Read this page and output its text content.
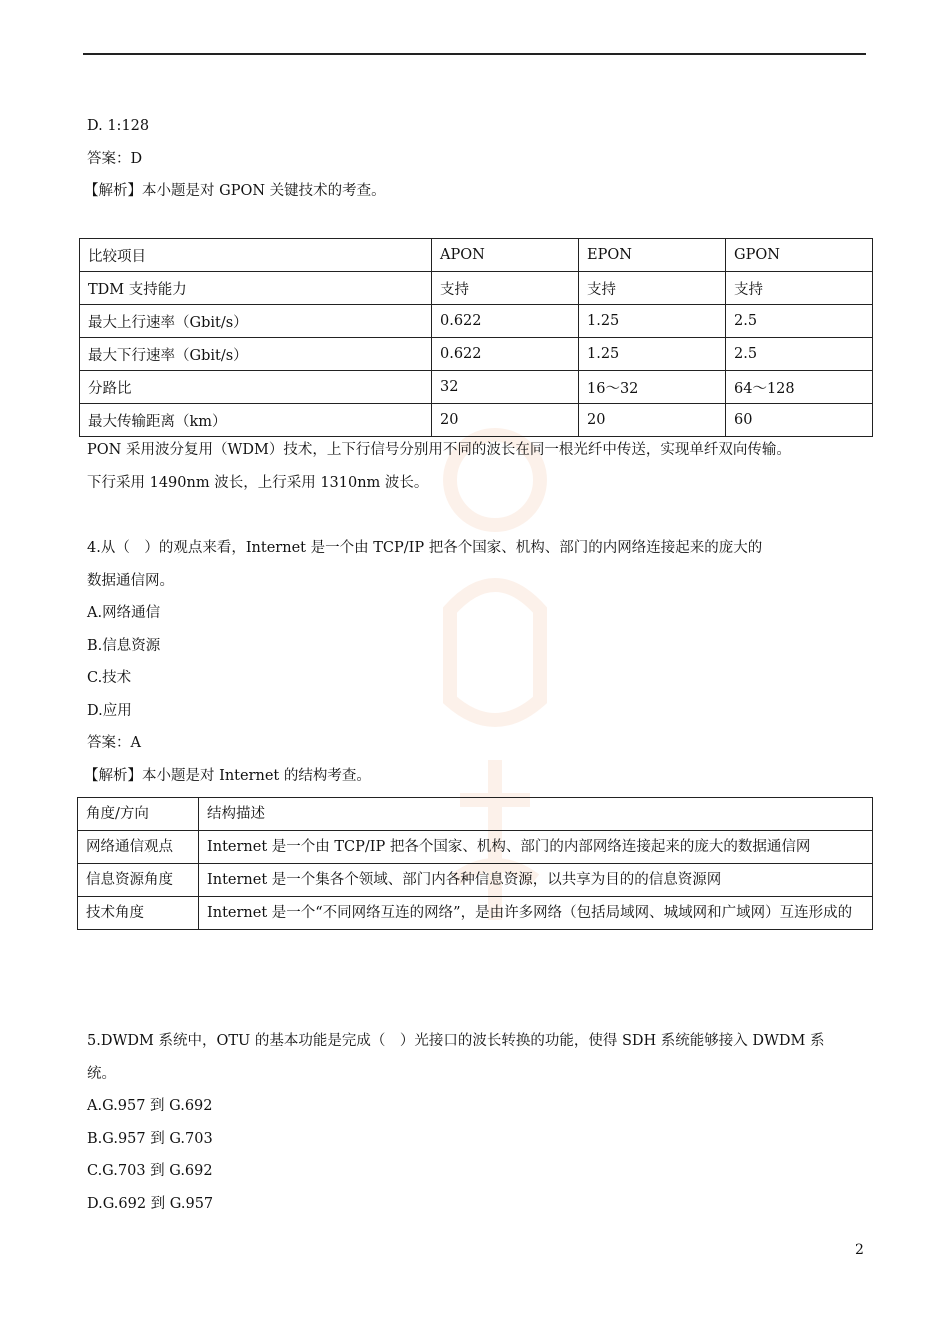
D. 1:128
答案：D
【解析】本小题是对 GPON 关键技术的考查。
比较项目	APON	EPON	GPON
TDM 支持能力	支持	支持	支持
最大上行速率（Gbit/s）	0.622	1.25	2.5
最大下行速率（Gbit/s）	0.622	1.25	2.5
分路比	32	16～32	64～128
最大传输距离（km）	20	20	60
PON 采用波分复用（WDM）技术，上下行信号分别用不同的波长在同一根光纤中传送，实现单纤双向传输。
下行采用 1490nm 波长，上行采用 1310nm 波长。
4.从（　）的观点来看，Internet 是一个由 TCP/IP 把各个国家、机构、部门的内网络连接起来的庞大的
数据通信网。
A.网络通信
B.信息资源
C.技术
D.应用
答案：A
【解析】本小题是对 Internet 的结构考查。
角度/方向	结构描述
网络通信观点	Internet 是一个由 TCP/IP 把各个国家、机构、部门的内部网络连接起来的庞大的数据通信网
信息资源角度	Internet 是一个集各个领域、部门内各种信息资源，以共享为目的的信息资源网
技术角度	Internet 是一个“不同网络互连的网络”，是由许多网络（包括局域网、城域网和广域网）互连形成的
5.DWDM 系统中，OTU 的基本功能是完成（　）光接口的波长转换的功能，使得 SDH 系统能够接入 DWDM 系
统。
A.G.957 到 G.692
B.G.957 到 G.703
C.G.703 到 G.692
D.G.692 到 G.957
2
